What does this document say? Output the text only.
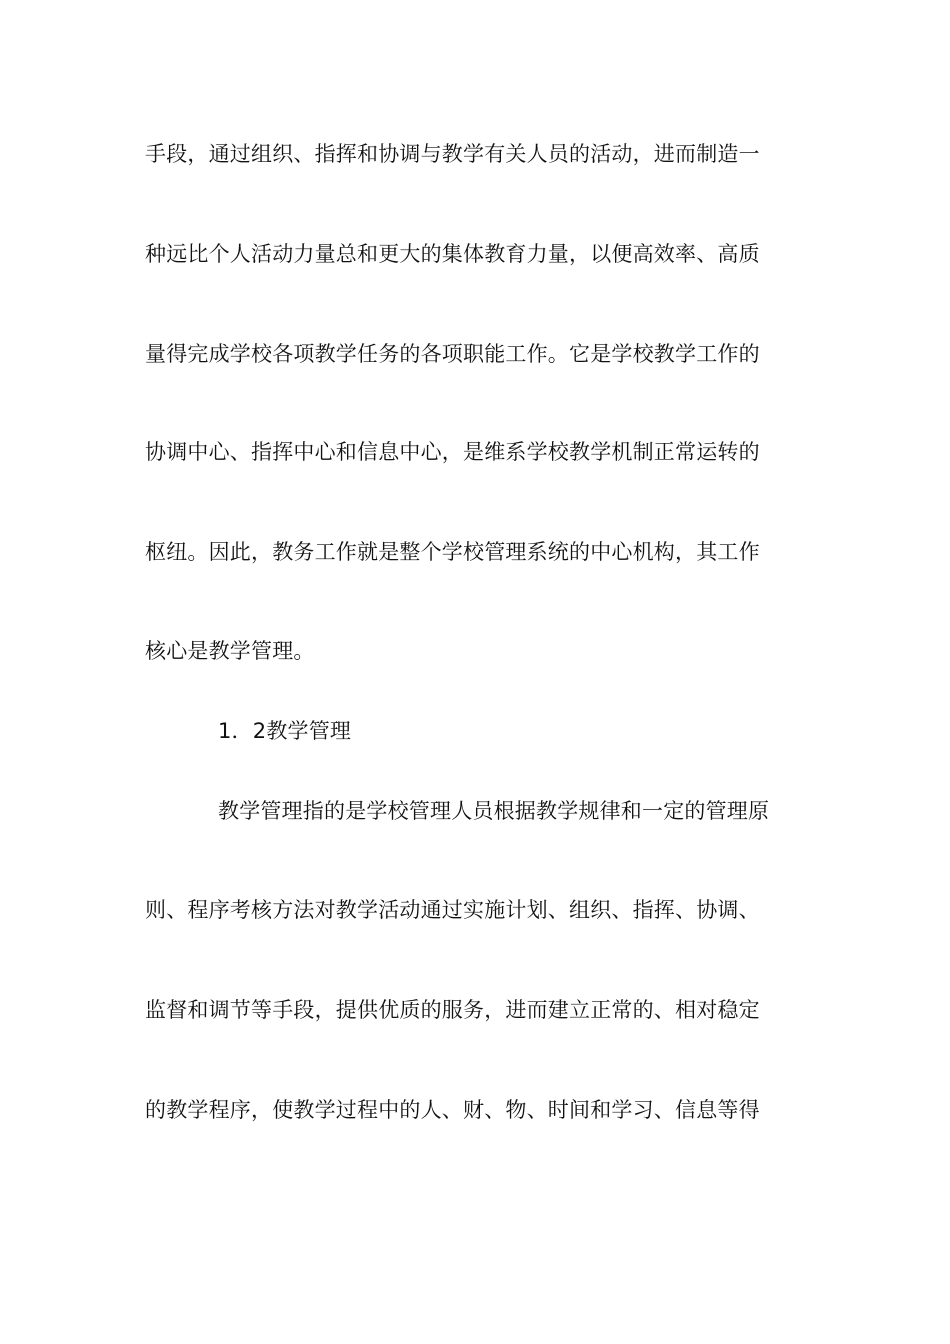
手段，通过组织、指挥和协调与教学有关人员的活动，进而制造一
种远比个人活动力量总和更大的集体教育力量，以便高效率、高质
量得完成学校各项教学任务的各项职能工作。它是学校教学工作的
协调中心、指挥中心和信息中心，是维系学校教学机制正常运转的
枢纽。因此，教务工作就是整个学校管理系统的中心机构，其工作
核心是教学管理。
1．2教学管理
教学管理指的是学校管理人员根据教学规律和一定的管理原
则、程序考核方法对教学活动通过实施计划、组织、指挥、协调、
监督和调节等手段，提供优质的服务，进而建立正常的、相对稳定
的教学程序，使教学过程中的人、财、物、时间和学习、信息等得
